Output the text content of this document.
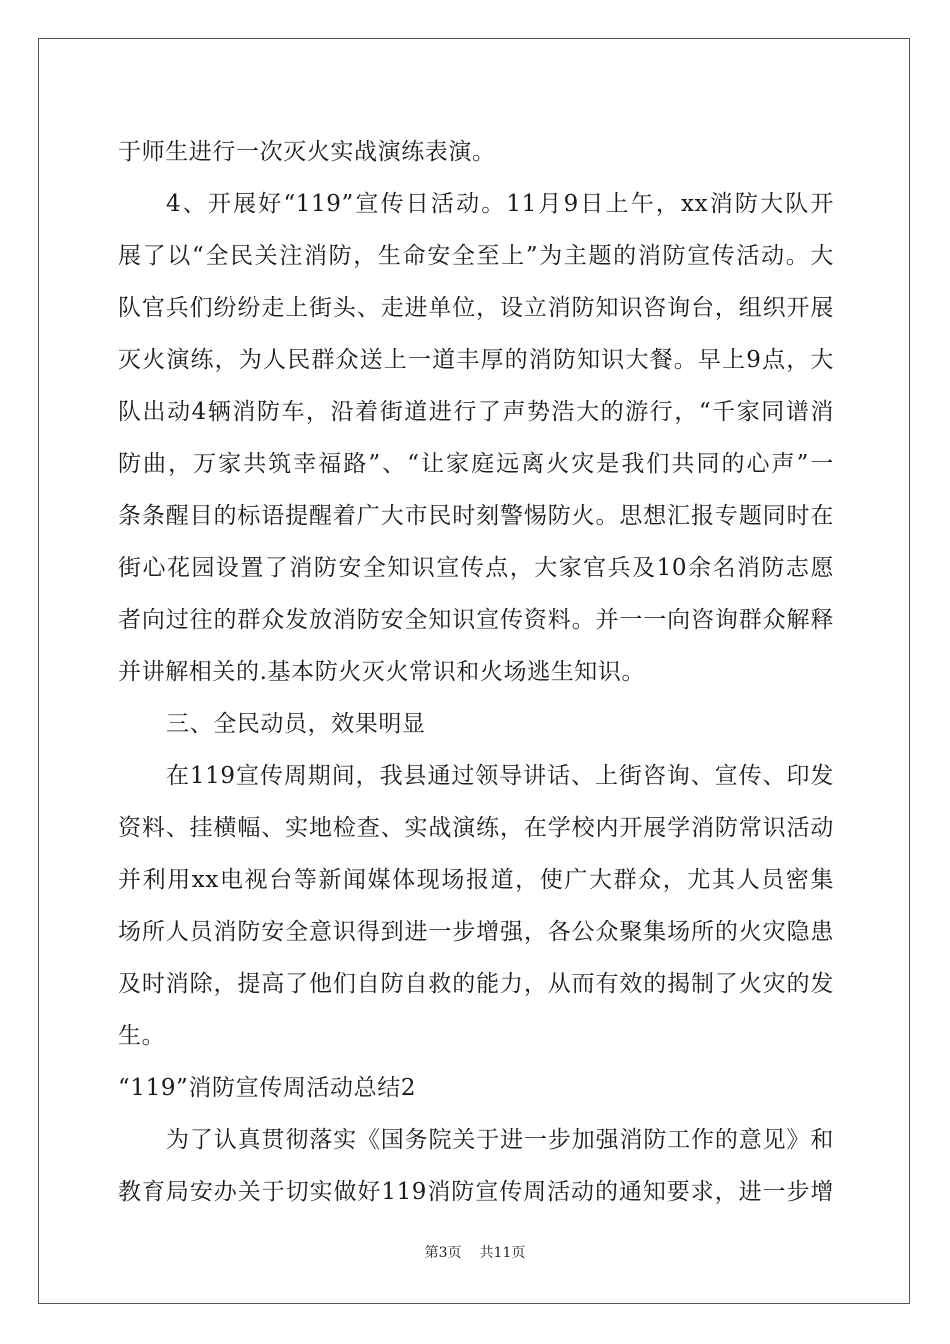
于师生进行一次灭火实战演练表演。
4、开展好“119”宣传日活动。11月9日上午，xx消防大队开
展了以“全民关注消防，生命安全至上”为主题的消防宣传活动。大
队官兵们纷纷走上街头、走进单位，设立消防知识咨询台，组织开展
灭火演练，为人民群众送上一道丰厚的消防知识大餐。早上9点，大
队出动4辆消防车，沿着街道进行了声势浩大的游行，“千家同谱消
防曲，万家共筑幸福路”、“让家庭远离火灾是我们共同的心声”一
条条醒目的标语提醒着广大市民时刻警惕防火。思想汇报专题同时在
街心花园设置了消防安全知识宣传点，大家官兵及10余名消防志愿
者向过往的群众发放消防安全知识宣传资料。并一一向咨询群众解释
并讲解相关的.基本防火灭火常识和火场逃生知识。
三、全民动员，效果明显
在119宣传周期间，我县通过领导讲话、上街咨询、宣传、印发
资料、挂横幅、实地检查、实战演练，在学校内开展学消防常识活动
并利用xx电视台等新闻媒体现场报道，使广大群众，尤其人员密集
场所人员消防安全意识得到进一步增强，各公众聚集场所的火灾隐患
及时消除，提高了他们自防自救的能力，从而有效的揭制了火灾的发
生。
“119”消防宣传周活动总结2
为了认真贯彻落实《国务院关于进一步加强消防工作的意见》和
教育局安办关于切实做好119消防宣传周活动的通知要求，进一步增
第3页 共11页
